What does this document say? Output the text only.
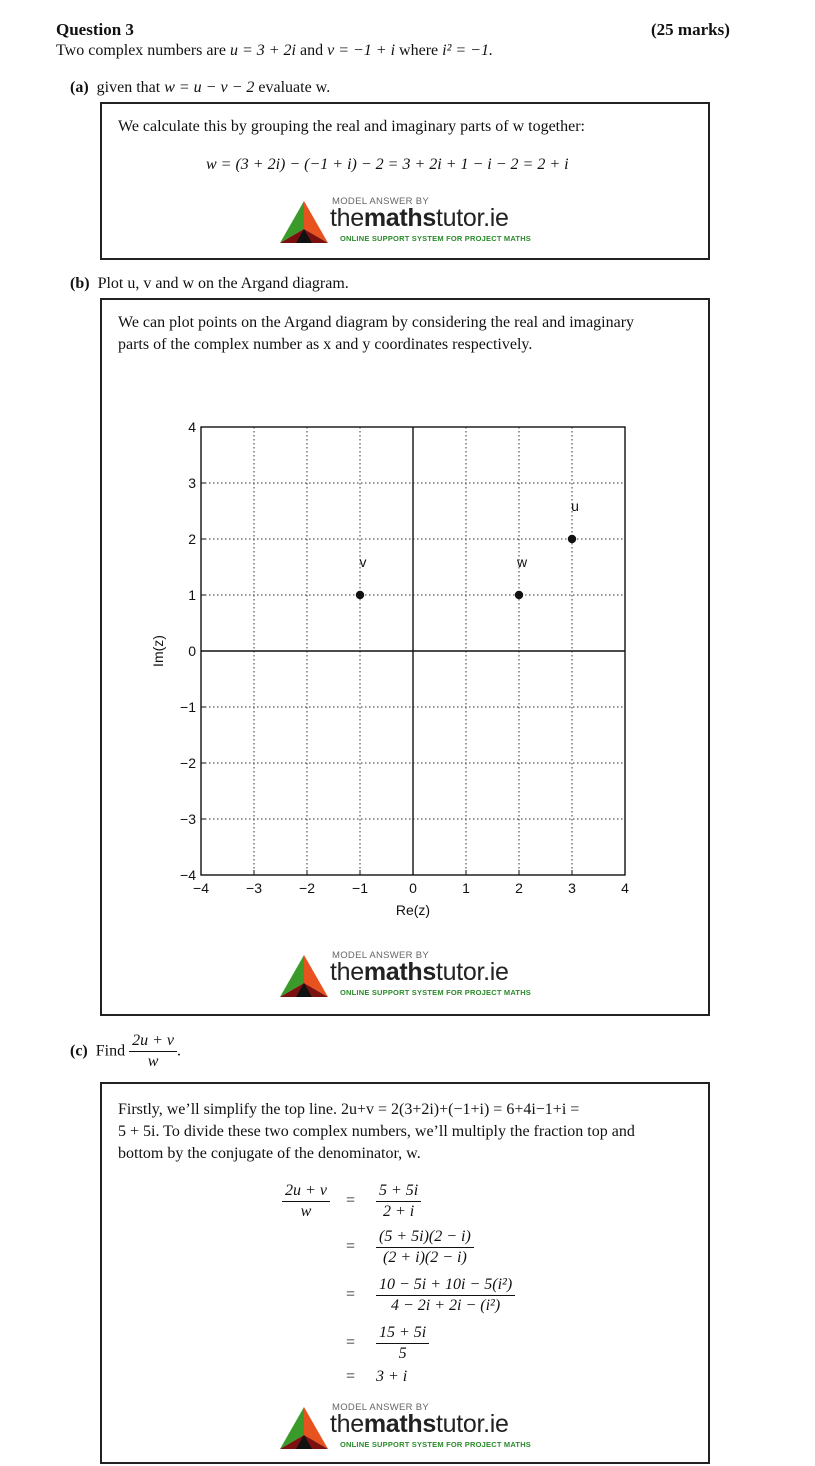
Question 3	(25 marks)
Two complex numbers are u = 3 + 2i and v = −1 + i where i² = −1.
(a) given that w = u − v − 2 evaluate w.
We calculate this by grouping the real and imaginary parts of w together:
w = (3 + 2i) − (−1 + i) − 2 = 3 + 2i + 1 − i − 2 = 2 + i
MODEL ANSWER BY
themathstutor.ie
ONLINE SUPPORT SYSTEM FOR PROJECT MATHS
(b) Plot u, v and w on the Argand diagram.
We can plot points on the Argand diagram by considering the real and imaginary
parts of the complex number as x and y coordinates respectively.
−4	−3	−2	−1	0	1	2	3	4
−4
−3
−2
−1
0
1
2
3
4
Re(z)
Im(z)
u
v	w
MODEL ANSWER BY
themathstutor.ie
ONLINE SUPPORT SYSTEM FOR PROJECT MATHS
(c) Find $\frac{2u + v}{w}$ .
Firstly, we’ll simplify the top line. 2u+v = 2(3+2i)+(−1+i) = 6+4i−1+i =
5 + 5i. To divide these two complex numbers, we’ll multiply the fraction top and
bottom by the conjugate of the denominator, w.
$\frac{2u + v}{w} = \frac{5 + 5i}{2 + i}$
= $\frac{(5 + 5i)(2 - i)}{(2 + i)(2 - i)}$
= $\frac{\text{10 − 5i + 10i − 5(i²)}}{\text{4 − 2i + 2i − (i²)}}$
= $\frac{15 + 5i}{5}$
= 3 + i
MODEL ANSWER BY
themathstutor.ie
ONLINE SUPPORT SYSTEM FOR PROJECT MATHS
